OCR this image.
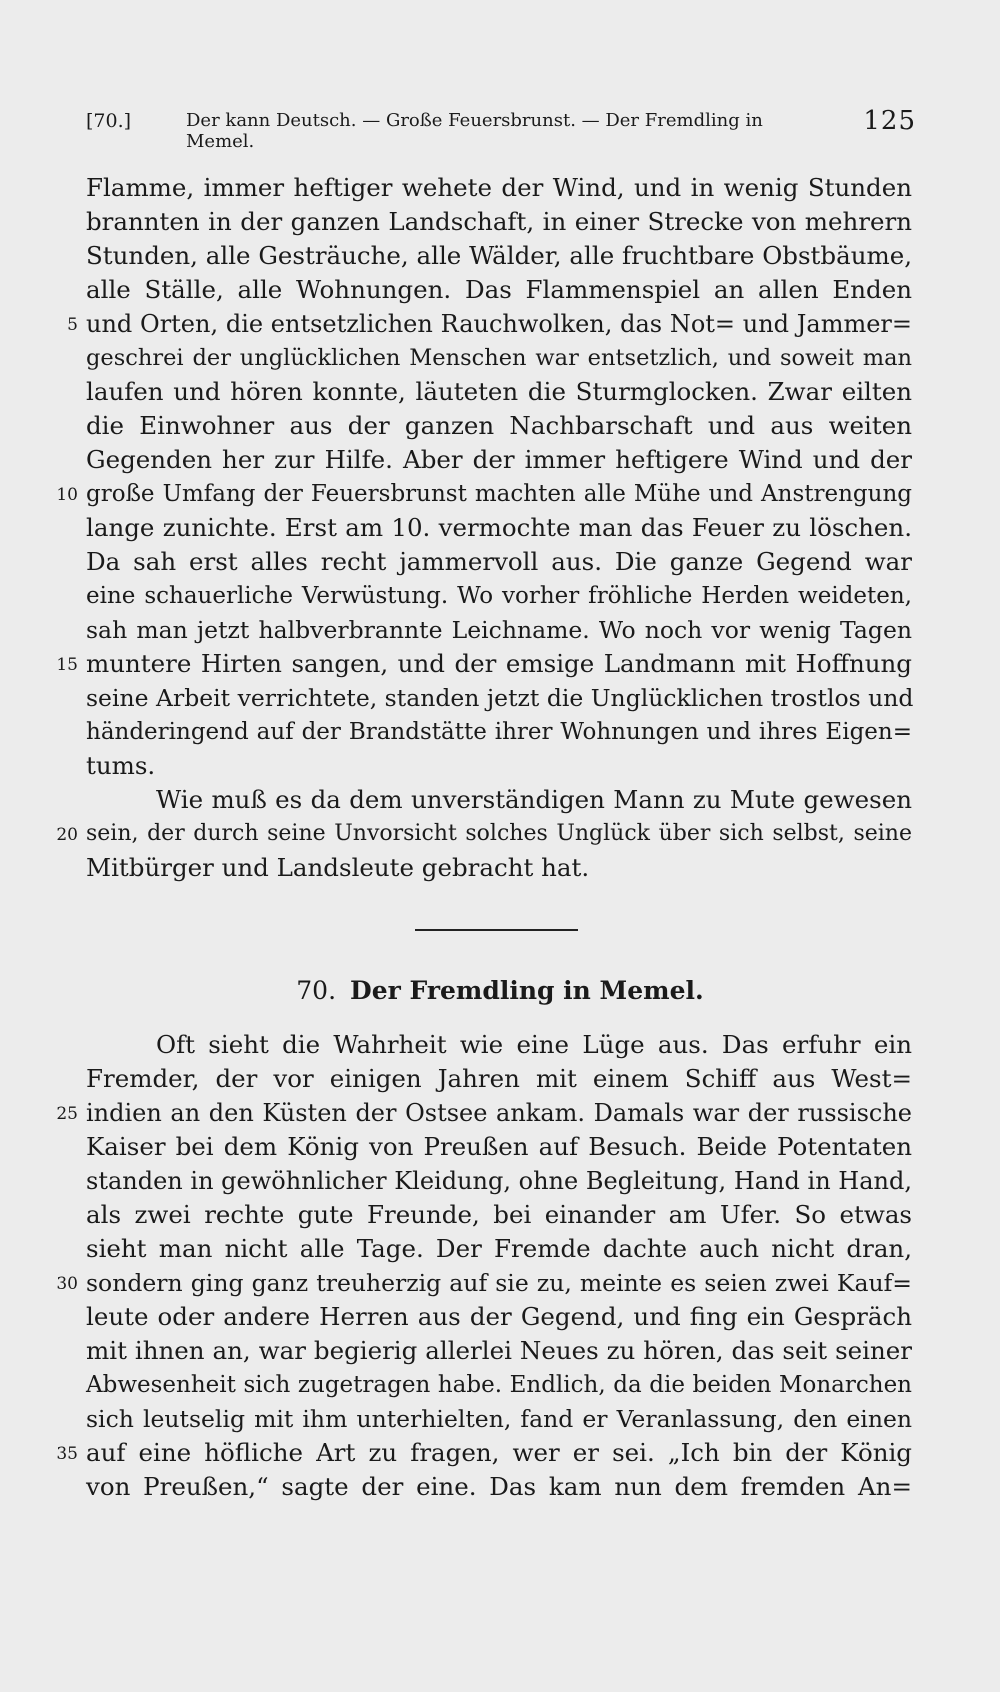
[70.]	Der kann Deutsch. — Große Feuersbrunst. — Der Fremdling in Memel.
125
Flamme, immer heftiger wehete der Wind, und in wenig Stunden
brannten in der ganzen Landschaft, in einer Strecke von mehrern
Stunden, alle Gesträuche, alle Wälder, alle fruchtbare Obstbäume,
alle Ställe, alle Wohnungen. Das Flammenspiel an allen Enden
und Orten, die entsetzlichen Rauchwolken, das Not= und Jammer=
geschrei der unglücklichen Menschen war entsetzlich, und soweit man
laufen und hören konnte, läuteten die Sturmglocken. Zwar eilten
die Einwohner aus der ganzen Nachbarschaft und aus weiten
Gegenden her zur Hilfe. Aber der immer heftigere Wind und der
große Umfang der Feuersbrunst machten alle Mühe und Anstrengung
lange zunichte. Erst am 10. vermochte man das Feuer zu löschen.
Da sah erst alles recht jammervoll aus. Die ganze Gegend war
eine schauerliche Verwüstung. Wo vorher fröhliche Herden weideten,
sah man jetzt halbverbrannte Leichname. Wo noch vor wenig Tagen
muntere Hirten sangen, und der emsige Landmann mit Hoffnung
seine Arbeit verrichtete, standen jetzt die Unglücklichen trostlos und
händeringend auf der Brandstätte ihrer Wohnungen und ihres Eigen=
tums.
Wie muß es da dem unverständigen Mann zu Mute gewesen
sein, der durch seine Unvorsicht solches Unglück über sich selbst, seine
Mitbürger und Landsleute gebracht hat.
70. Der Fremdling in Memel.
Oft sieht die Wahrheit wie eine Lüge aus. Das erfuhr ein
Fremder, der vor einigen Jahren mit einem Schiff aus West=
indien an den Küsten der Ostsee ankam. Damals war der russische
Kaiser bei dem König von Preußen auf Besuch. Beide Potentaten
standen in gewöhnlicher Kleidung, ohne Begleitung, Hand in Hand,
als zwei rechte gute Freunde, bei einander am Ufer. So etwas
sieht man nicht alle Tage. Der Fremde dachte auch nicht dran,
sondern ging ganz treuherzig auf sie zu, meinte es seien zwei Kauf=
leute oder andere Herren aus der Gegend, und fing ein Gespräch
mit ihnen an, war begierig allerlei Neues zu hören, das seit seiner
Abwesenheit sich zugetragen habe. Endlich, da die beiden Monarchen
sich leutselig mit ihm unterhielten, fand er Veranlassung, den einen
auf eine höfliche Art zu fragen, wer er sei. „Ich bin der König
von Preußen,“ sagte der eine. Das kam nun dem fremden An=
5
10
15
20
25
30
35
